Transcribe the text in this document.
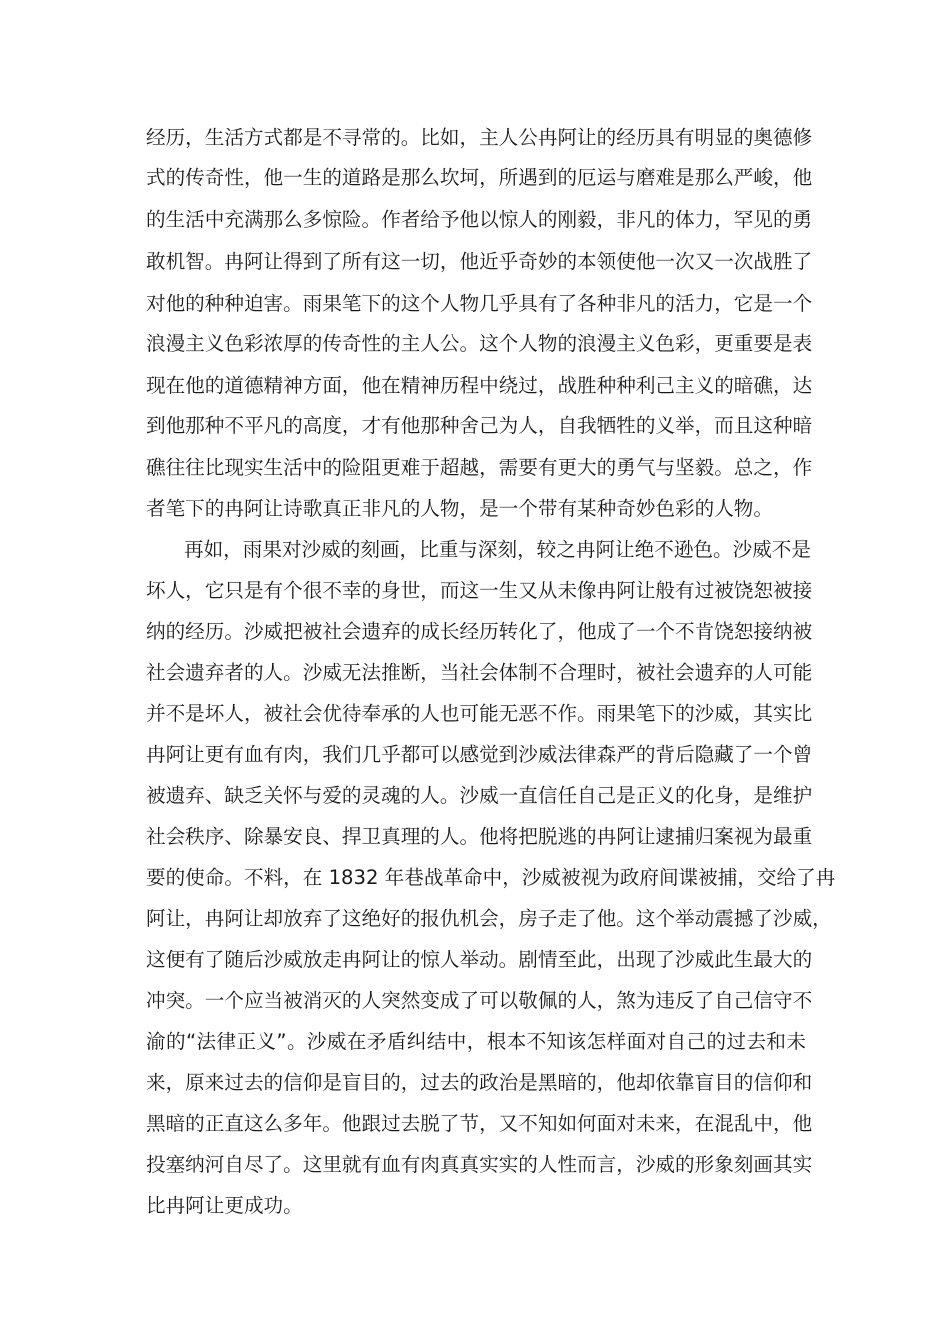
经历，生活方式都是不寻常的。比如，主人公冉阿让的经历具有明显的奥德修
式的传奇性，他一生的道路是那么坎坷，所遇到的厄运与磨难是那么严峻，他
的生活中充满那么多惊险。作者给予他以惊人的刚毅，非凡的体力，罕见的勇
敢机智。冉阿让得到了所有这一切，他近乎奇妙的本领使他一次又一次战胜了
对他的种种迫害。雨果笔下的这个人物几乎具有了各种非凡的活力，它是一个
浪漫主义色彩浓厚的传奇性的主人公。这个人物的浪漫主义色彩，更重要是表
现在他的道德精神方面，他在精神历程中绕过，战胜种种利己主义的暗礁，达
到他那种不平凡的高度，才有他那种舍己为人，自我牺牲的义举，而且这种暗
礁往往比现实生活中的险阻更难于超越，需要有更大的勇气与坚毅。总之，作
者笔下的冉阿让诗歌真正非凡的人物，是一个带有某种奇妙色彩的人物。
再如，雨果对沙威的刻画，比重与深刻，较之冉阿让绝不逊色。沙威不是
坏人，它只是有个很不幸的身世，而这一生又从未像冉阿让般有过被饶恕被接
纳的经历。沙威把被社会遗弃的成长经历转化了，他成了一个不肯饶恕接纳被
社会遗弃者的人。沙威无法推断，当社会体制不合理时，被社会遗弃的人可能
并不是坏人，被社会优待奉承的人也可能无恶不作。雨果笔下的沙威，其实比
冉阿让更有血有肉，我们几乎都可以感觉到沙威法律森严的背后隐藏了一个曾
被遗弃、缺乏关怀与爱的灵魂的人。沙威一直信任自己是正义的化身，是维护
社会秩序、除暴安良、捍卫真理的人。他将把脱逃的冉阿让逮捕归案视为最重
要的使命。不料，在 1832 年巷战革命中，沙威被视为政府间谍被捕，交给了冉
阿让，冉阿让却放弃了这绝好的报仇机会，房子走了他。这个举动震撼了沙威，
这便有了随后沙威放走冉阿让的惊人举动。剧情至此，出现了沙威此生最大的
冲突。一个应当被消灭的人突然变成了可以敬佩的人，煞为违反了自己信守不
渝的“法律正义”。沙威在矛盾纠结中，根本不知该怎样面对自己的过去和未
来，原来过去的信仰是盲目的，过去的政治是黑暗的，他却依靠盲目的信仰和
黑暗的正直这么多年。他跟过去脱了节，又不知如何面对未来，在混乱中，他
投塞纳河自尽了。这里就有血有肉真真实实的人性而言，沙威的形象刻画其实
比冉阿让更成功。
